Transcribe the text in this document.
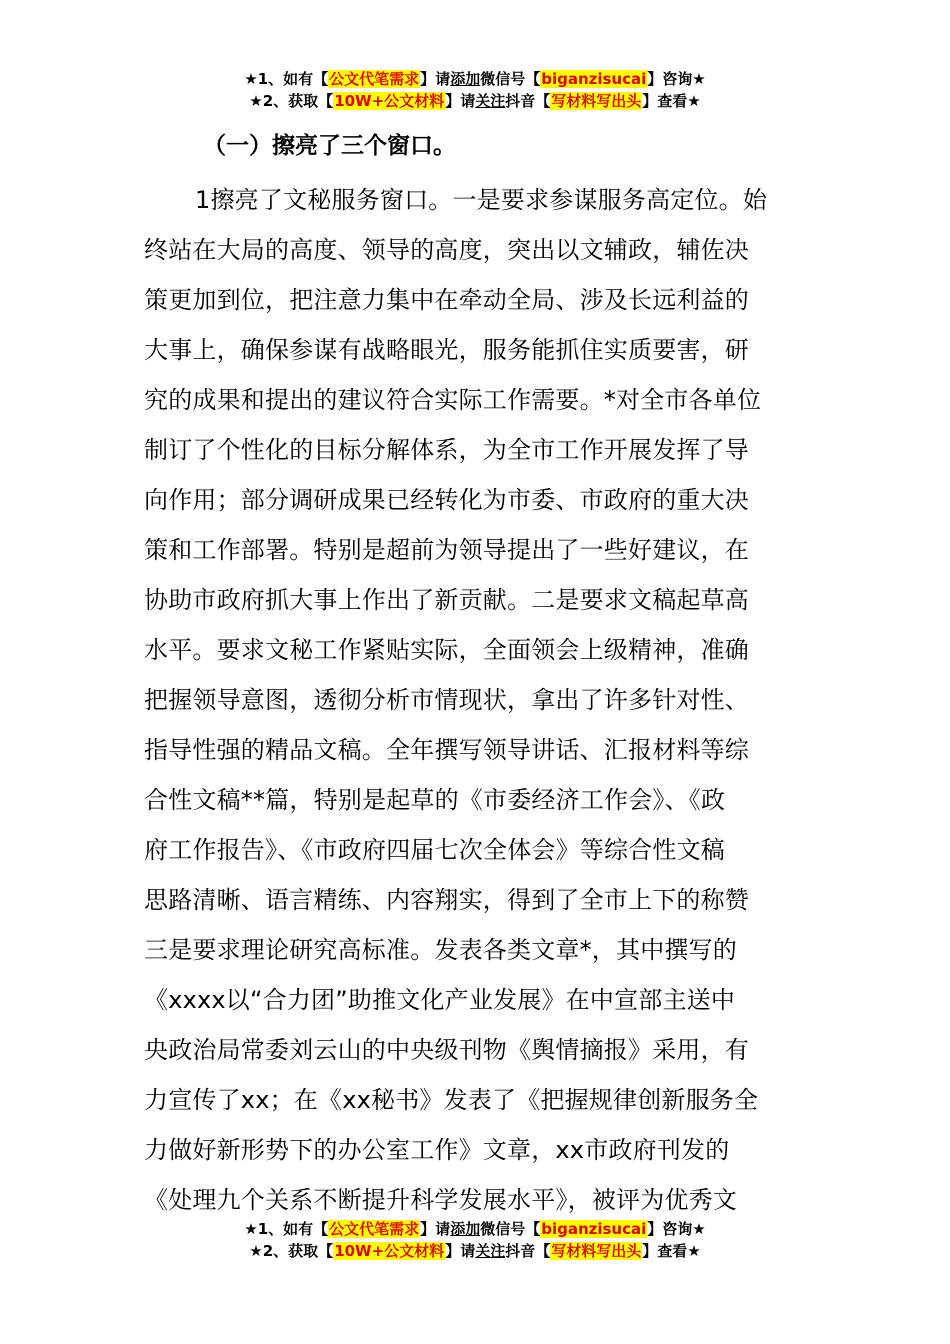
★1、如有【公文代笔需求】请添加微信号【biganzisucai】咨询★
★2、获取【10W+公文材料】请关注抖音【写材料写出头】查看★
（一）擦亮了三个窗口。
1擦亮了文秘服务窗口。一是要求参谋服务高定位。始
终站在大局的高度、领导的高度，突出以文辅政，辅佐决
策更加到位，把注意力集中在牵动全局、涉及长远利益的
大事上，确保参谋有战略眼光，服务能抓住实质要害，研
究的成果和提出的建议符合实际工作需要。*对全市各单位
制订了个性化的目标分解体系，为全市工作开展发挥了导
向作用；部分调研成果已经转化为市委、市政府的重大决
策和工作部署。特别是超前为领导提出了一些好建议，在
协助市政府抓大事上作出了新贡献。二是要求文稿起草高
水平。要求文秘工作紧贴实际，全面领会上级精神，准确
把握领导意图，透彻分析市情现状，拿出了许多针对性、
指导性强的精品文稿。全年撰写领导讲话、汇报材料等综
合性文稿**篇，特别是起草的《市委经济工作会》、《政
府工作报告》、《市政府四届七次全体会》等综合性文稿
思路清晰、语言精练、内容翔实，得到了全市上下的称赞
三是要求理论研究高标准。发表各类文章*，其中撰写的
《xxxx以“合力团”助推文化产业发展》在中宣部主送中
央政治局常委刘云山的中央级刊物《舆情摘报》采用，有
力宣传了xx；在《xx秘书》发表了《把握规律创新服务全
力做好新形势下的办公室工作》文章，xx市政府刊发的
《处理九个关系不断提升科学发展水平》，被评为优秀文
★1、如有【公文代笔需求】请添加微信号【biganzisucai】咨询★
★2、获取【10W+公文材料】请关注抖音【写材料写出头】查看★
